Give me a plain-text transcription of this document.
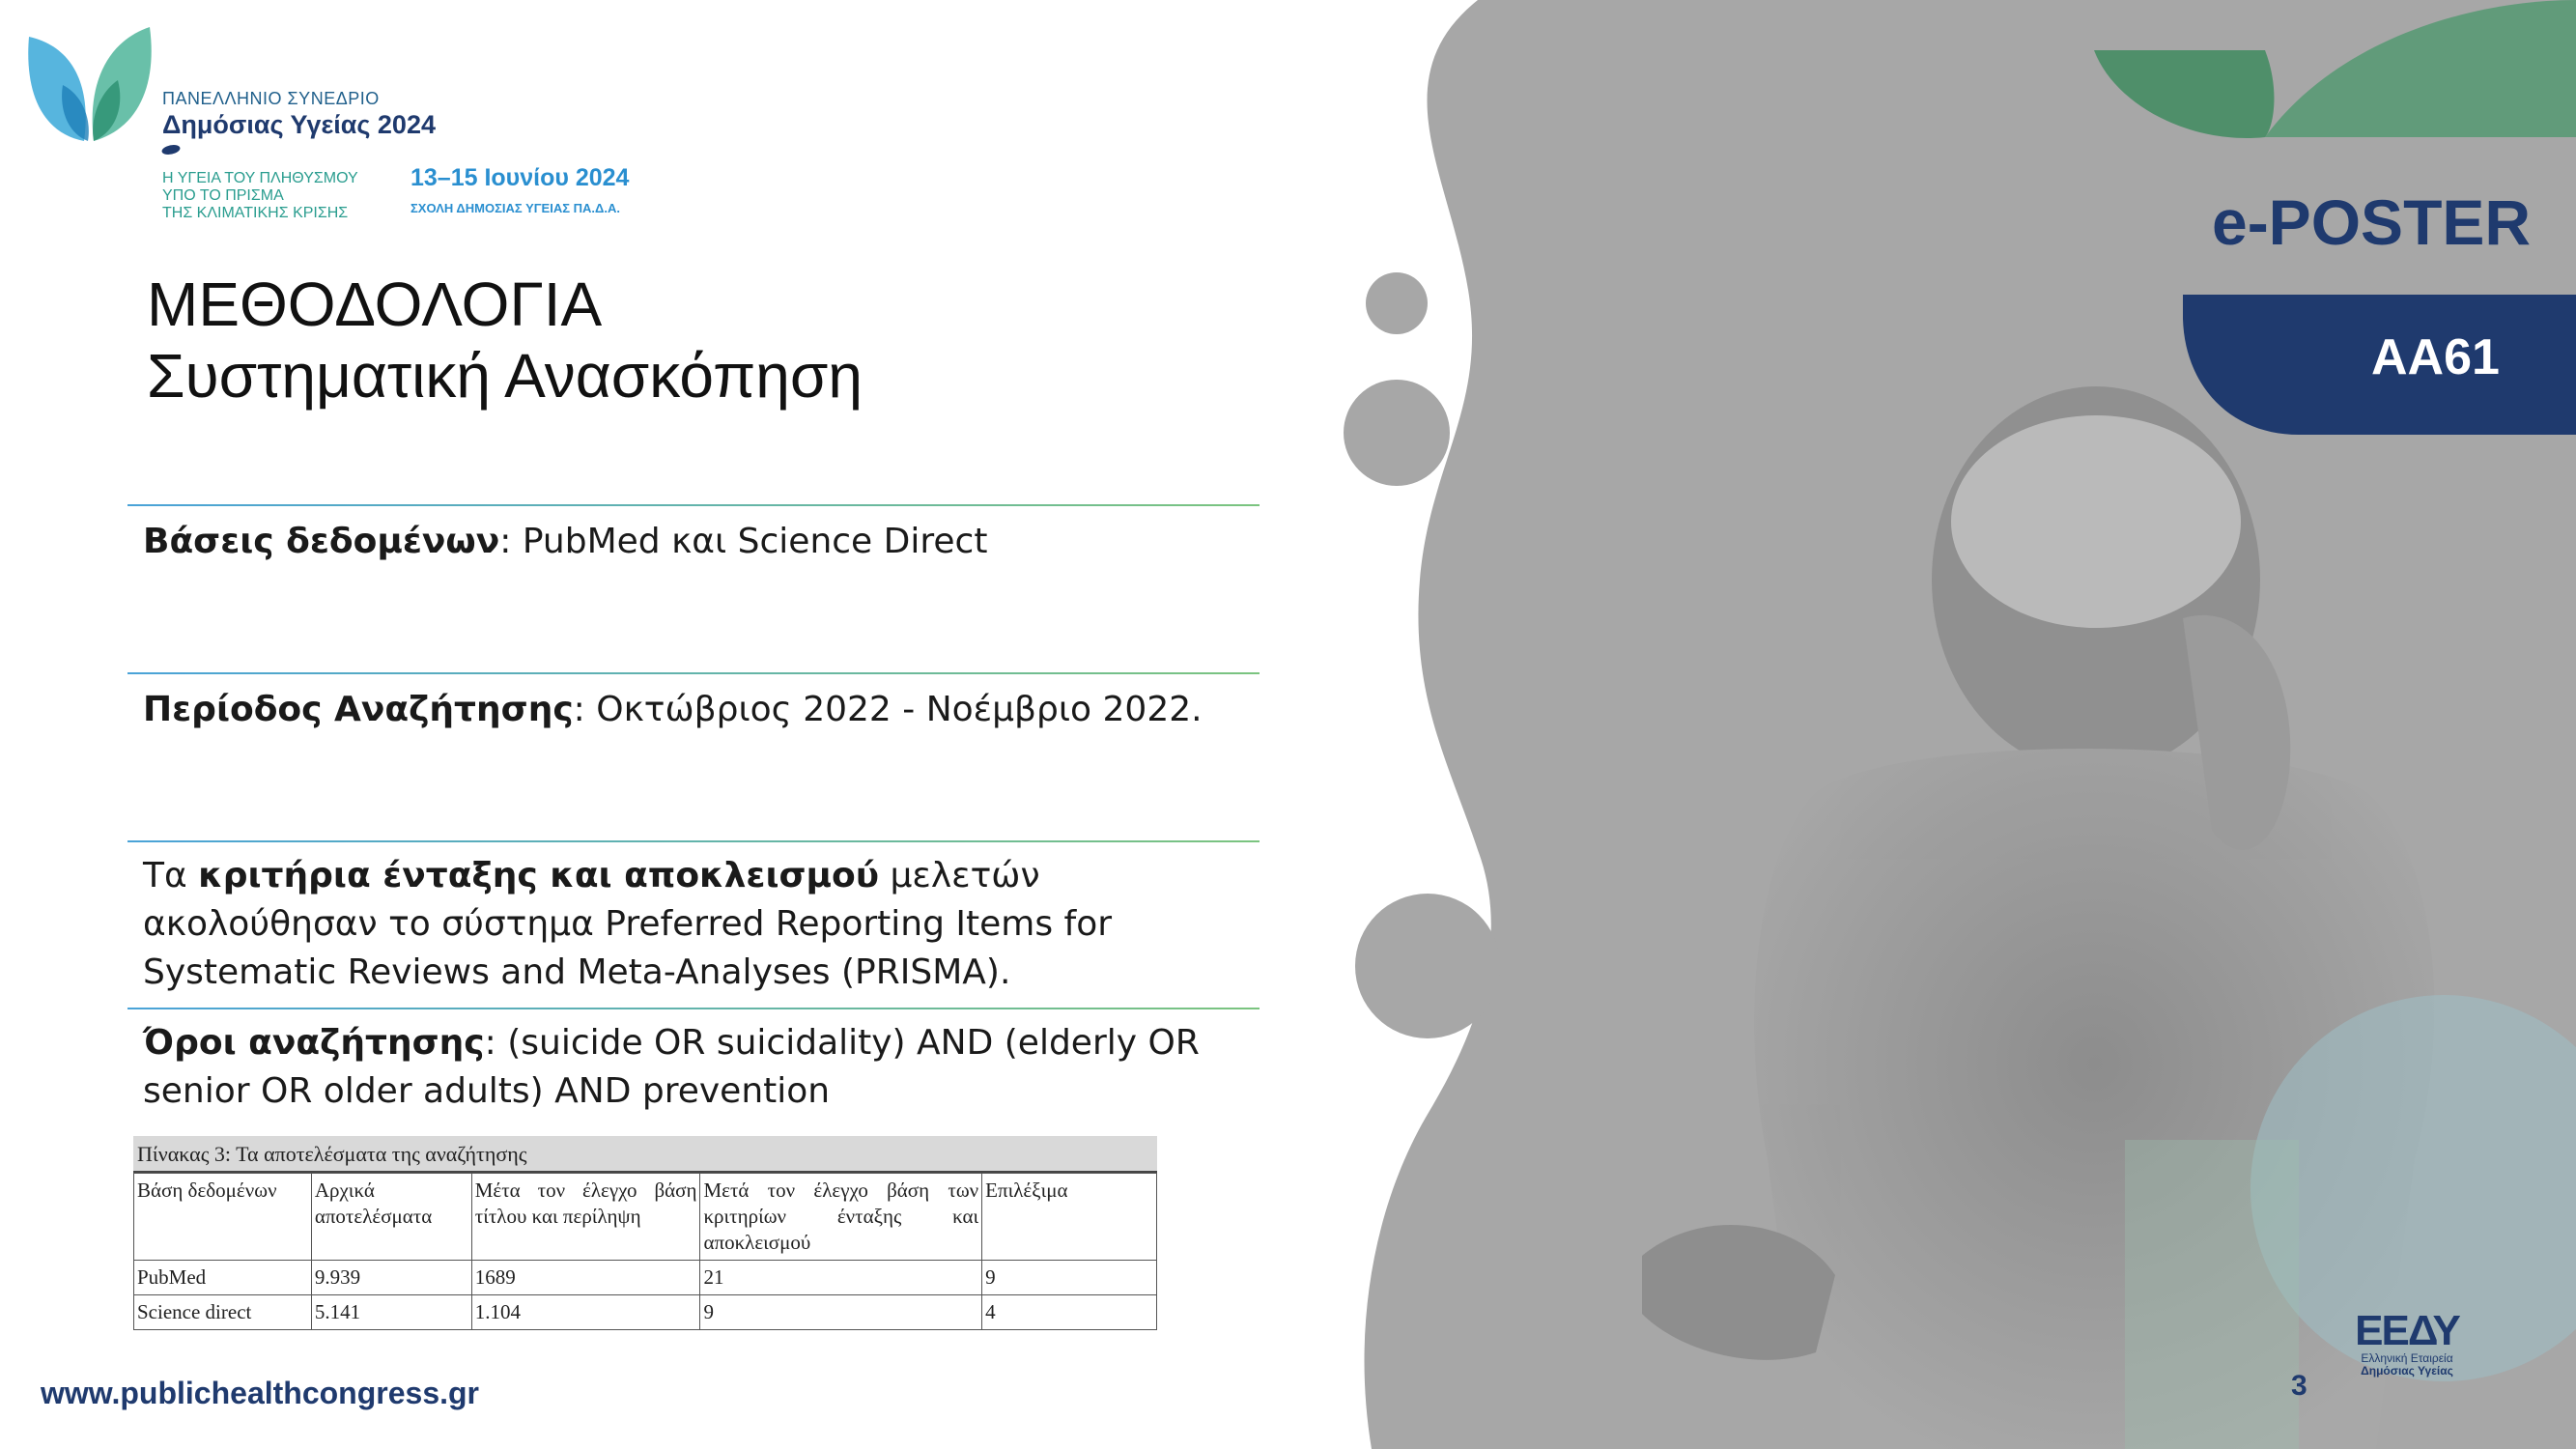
ΠΑΝΕΛΛΗΝΙΟ ΣΥΝΕΔΡΙΟ
Δημόσιας Υγείας 2024
Η ΥΓΕΙΑ ΤΟΥ ΠΛΗΘΥΣΜΟΥ
ΥΠΟ ΤΟ ΠΡΙΣΜΑ
ΤΗΣ ΚΛΙΜΑΤΙΚΗΣ ΚΡΙΣΗΣ
13–15 Ιουνίου 2024
ΣΧΟΛΗ ΔΗΜΟΣΙΑΣ ΥΓΕΙΑΣ ΠΑ.Δ.Α.
ΜΕΘΟΔΟΛΟΓΙΑ
Συστηματική Ανασκόπηση
Βάσεις δεδομένων: PubMed και Science Direct
Περίοδος Αναζήτησης: Οκτώβριος 2022 - Νοέμβριο 2022.
Τα κριτήρια ένταξης και αποκλεισμού μελετών ακολούθησαν το σύστημα Preferred Reporting Items for Systematic Reviews and Meta-Analyses (PRISMA).
Όροι αναζήτησης: (suicide OR suicidality) AND (elderly OR senior OR older adults) AND prevention
Πίνακας 3: Τα αποτελέσματα της αναζήτησης
Βάση δεδομένων	Αρχικά αποτελέσματα	Μέτα τον έλεγχο βάση τίτλου και περίληψη	Μετά τον έλεγχο βάση των κριτηρίων ένταξης και αποκλεισμού	Επιλέξιμα
PubMed	9.939	1689	21	9
Science direct	5.141	1.104	9	4
e-POSTER
AA61
www.publichealthcongress.gr	3
ΕΕΔΥ
Ελληνική Εταιρεία
Δημόσιας Υγείας
